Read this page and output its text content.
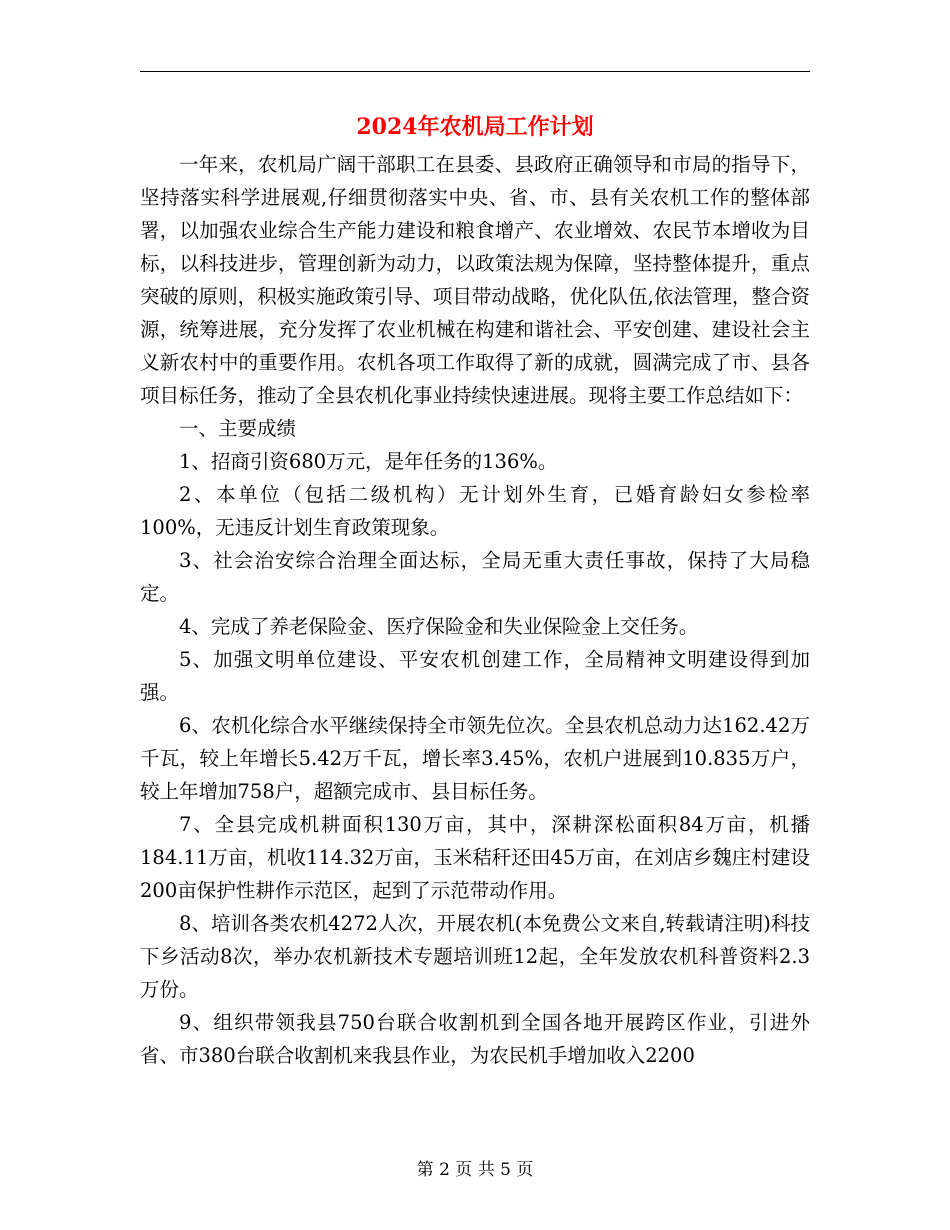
2024年农机局工作计划

一年来，农机局广阔干部职工在县委、县政府正确领导和市局的指导下，坚持落实科学进展观,仔细贯彻落实中央、省、市、县有关农机工作的整体部署，以加强农业综合生产能力建设和粮食增产、农业增效、农民节本增收为目标，以科技进步，管理创新为动力，以政策法规为保障，坚持整体提升，重点突破的原则，积极实施政策引导、项目带动战略，优化队伍,依法管理，整合资源，统筹进展，充分发挥了农业机械在构建和谐社会、平安创建、建设社会主义新农村中的重要作用。农机各项工作取得了新的成就，圆满完成了市、县各项目标任务，推动了全县农机化事业持续快速进展。现将主要工作总结如下：

一、主要成绩

1、招商引资680万元，是年任务的136%。

2、本单位（包括二级机构）无计划外生育，已婚育龄妇女参检率100%，无违反计划生育政策现象。

3、社会治安综合治理全面达标，全局无重大责任事故，保持了大局稳定。

4、完成了养老保险金、医疗保险金和失业保险金上交任务。

5、加强文明单位建设、平安农机创建工作，全局精神文明建设得到加强。

6、农机化综合水平继续保持全市领先位次。全县农机总动力达162.42万千瓦，较上年增长5.42万千瓦，增长率3.45%，农机户进展到10.835万户，较上年增加758户，超额完成市、县目标任务。

7、全县完成机耕面积130万亩，其中，深耕深松面积84万亩，机播184.11万亩，机收114.32万亩，玉米秸秆还田45万亩，在刘店乡魏庄村建设200亩保护性耕作示范区，起到了示范带动作用。

8、培训各类农机4272人次，开展农机(本免费公文来自,转载请注明)科技下乡活动8次，举办农机新技术专题培训班12起，全年发放农机科普资料2.3万份。

9、组织带领我县750台联合收割机到全国各地开展跨区作业，引进外省、市380台联合收割机来我县作业，为农民机手增加收入2200

第 2 页 共 5 页
